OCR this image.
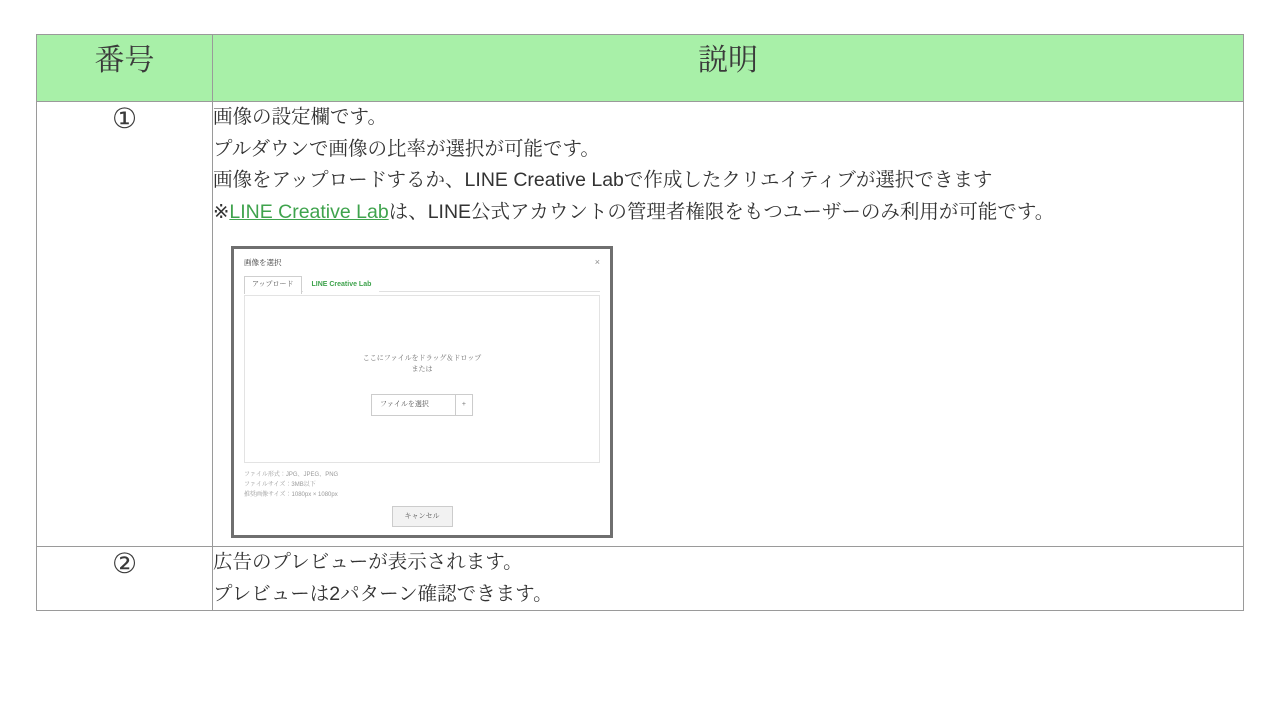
番号	説明
①	画像の設定欄です。
プルダウンで画像の比率が選択が可能です。
画像をアップロードするか、LINE Creative Labで作成したクリエイティブが選択できます
※LINE Creative Labは、LINE公式アカウントの管理者権限をもつユーザーのみ利用が可能です。
画像を選択	×
アップロード	LINE Creative Lab
ここにファイルをドラッグ＆ドロップ
または
ファイルを選択	+
ファイル形式：JPG、JPEG、PNG
ファイルサイズ：3MB以下
推奨画像サイズ：1080px × 1080px
キャンセル

②	広告のプレビューが表示されます。
プレビューは2パターン確認できます。
